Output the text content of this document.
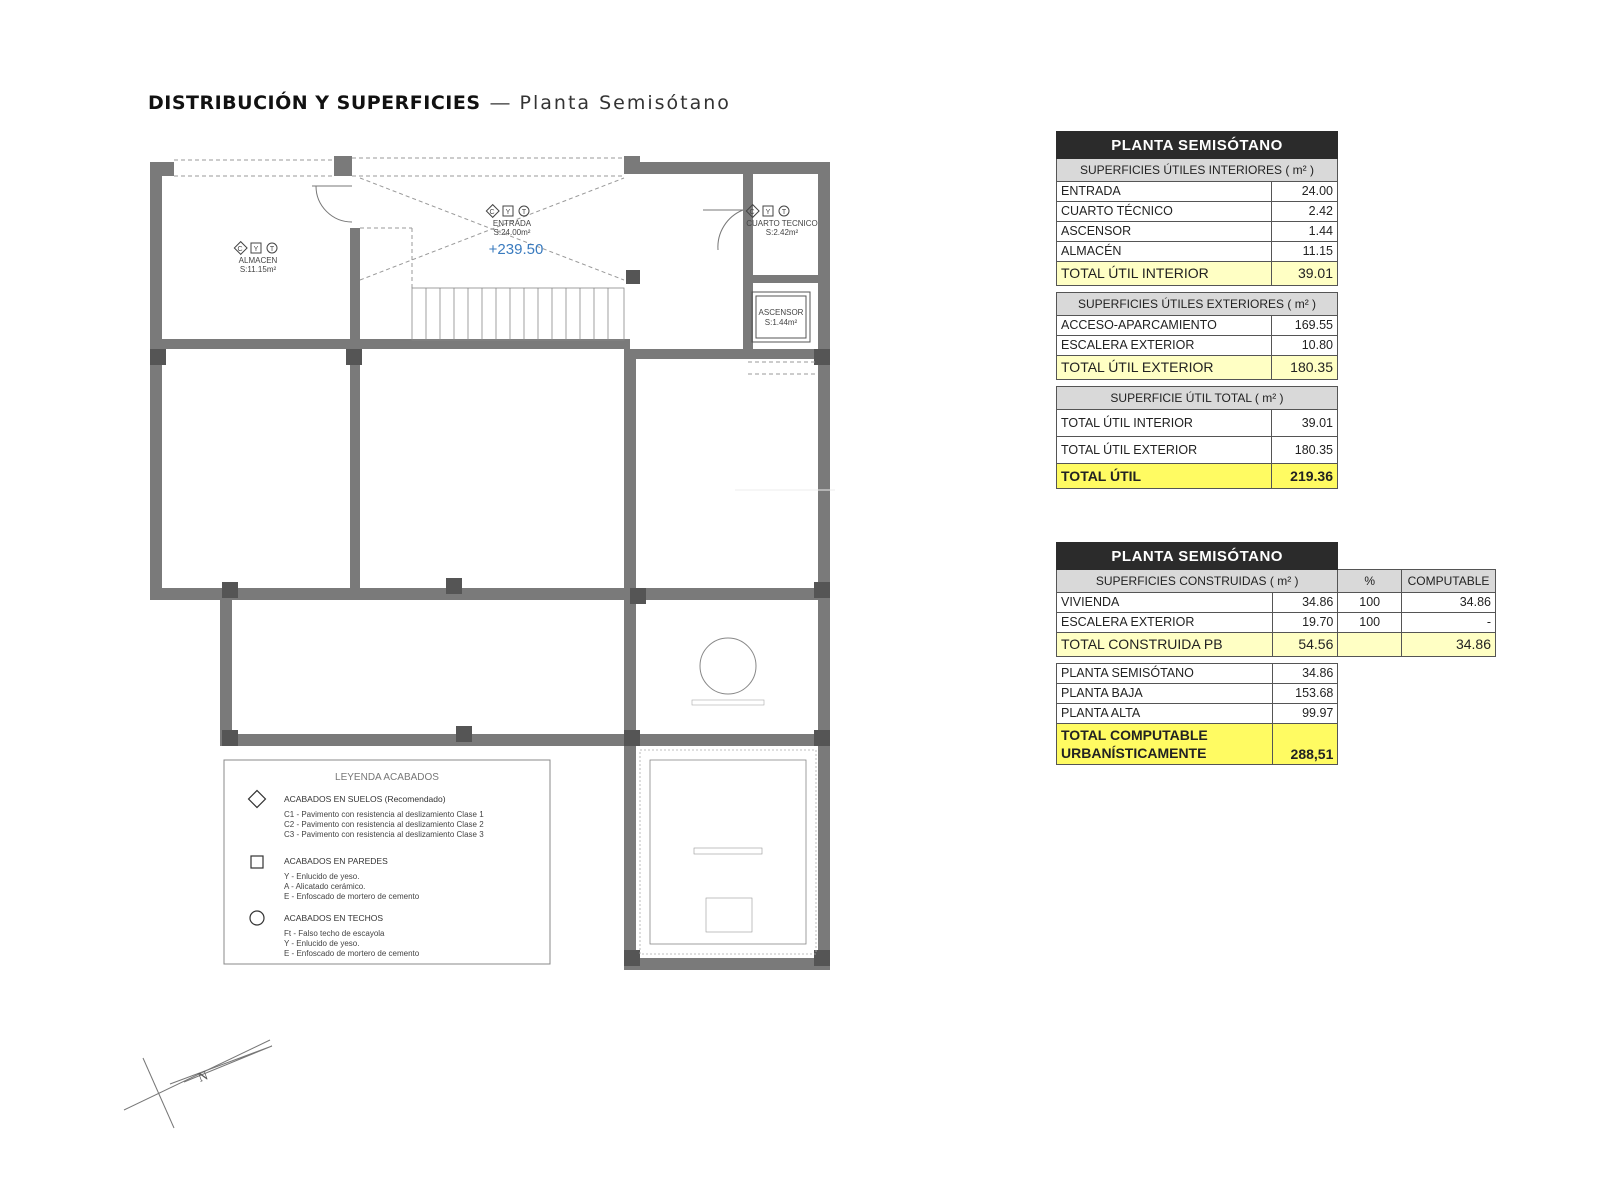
DISTRIBUCIÓN Y SUPERFICIES — Planta Semisótano
C Y T
ALMACEN
S:11.15m²
C Y T
ENTRADA
S:24.00m²
+239.50
C Y T
CUARTO TECNICO
S:2.42m²
ASCENSOR
S:1.44m²
LEYENDA ACABADOS
ACABADOS EN SUELOS (Recomendado)
C1 - Pavimento con resistencia al deslizamiento Clase 1
C2 - Pavimento con resistencia al deslizamiento Clase 2
C3 - Pavimento con resistencia al deslizamiento Clase 3
ACABADOS EN PAREDES
Y - Enlucido de yeso.
A - Alicatado cerámico.
E - Enfoscado de mortero de cemento
ACABADOS EN TECHOS
Ft - Falso techo de escayola
Y - Enlucido de yeso.
E - Enfoscado de mortero de cemento
N
PLANTA SEMISÓTANO	
SUPERFICIES ÚTILES INTERIORES ( m² )	
ENTRADA	24.00
CUARTO TÉCNICO	2.42
ASCENSOR	1.44
ALMACÉN	11.15
TOTAL ÚTIL INTERIOR	39.01

SUPERFICIES ÚTILES EXTERIORES ( m² )	
ACCESO-APARCAMIENTO	169.55
ESCALERA EXTERIOR	10.80
TOTAL ÚTIL EXTERIOR	180.35

SUPERFICIE ÚTIL TOTAL ( m² )	
TOTAL ÚTIL INTERIOR	39.01
TOTAL ÚTIL EXTERIOR	180.35
TOTAL ÚTIL	219.36
PLANTA SEMISÓTANO			
SUPERFICIES CONSTRUIDAS ( m² )		%	COMPUTABLE
VIVIENDA	34.86	100	34.86
ESCALERA EXTERIOR	19.70	100	-
TOTAL CONSTRUIDA PB	54.56		34.86

PLANTA SEMISÓTANO	34.86		
PLANTA BAJA	153.68		
PLANTA ALTA	99.97		
TOTAL COMPUTABLE
URBANÍSTICAMENTE	288,51		
